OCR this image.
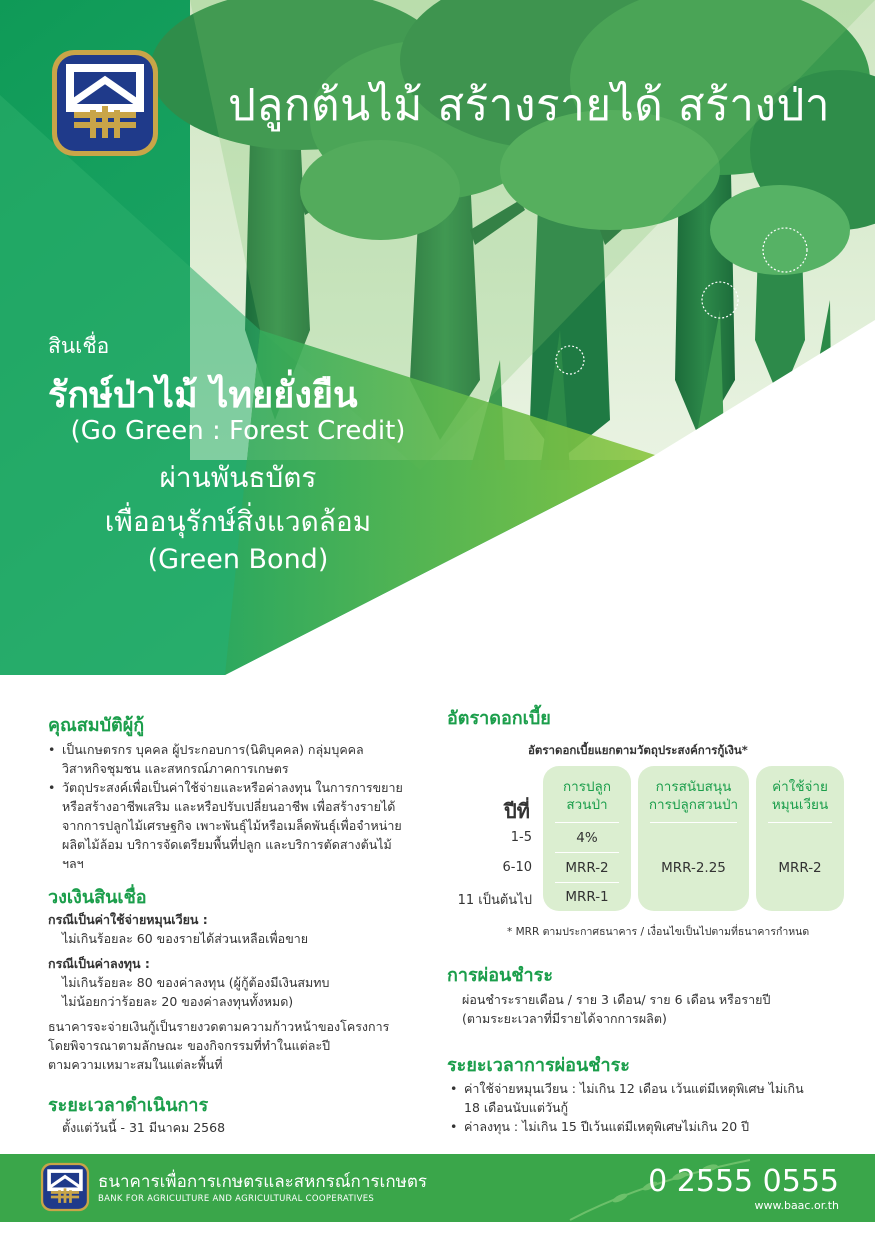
ปลูกต้นไม้ สร้างรายได้ สร้างป่า
สินเชื่อ
รักษ์ป่าไม้ ไทยยั่งยืน
(Go Green : Forest Credit)
ผ่านพันธบัตร
เพื่ออนุรักษ์สิ่งแวดล้อม
(Green Bond)
คุณสมบัติผู้กู้
• เป็นเกษตรกร บุคคล ผู้ประกอบการ(นิติบุคคล) กลุ่มบุคคล
วิสาหกิจชุมชน และสหกรณ์ภาคการเกษตร
• วัตถุประสงค์เพื่อเป็นค่าใช้จ่ายและหรือค่าลงทุน ในการการขยาย
หรือสร้างอาชีพเสริม และหรือปรับเปลี่ยนอาชีพ เพื่อสร้างรายได้
จากการปลูกไม้เศรษฐกิจ เพาะพันธุ์ไม้หรือเมล็ดพันธุ์เพื่อจำหน่าย
ผลิตไม้ล้อม บริการจัดเตรียมพื้นที่ปลูก และบริการตัดสางต้นไม้
ฯลฯ
วงเงินสินเชื่อ
กรณีเป็นค่าใช้จ่ายหมุนเวียน :
ไม่เกินร้อยละ 60 ของรายได้ส่วนเหลือเพื่อขาย
กรณีเป็นค่าลงทุน :
ไม่เกินร้อยละ 80 ของค่าลงทุน (ผู้กู้ต้องมีเงินสมทบ
ไม่น้อยกว่าร้อยละ 20 ของค่าลงทุนทั้งหมด)
ธนาคารจะจ่ายเงินกู้เป็นรายงวดตามความก้าวหน้าของโครงการ
โดยพิจารณาตามลักษณะ ของกิจกรรมที่ทำในแต่ละปี
ตามความเหมาะสมในแต่ละพื้นที่
ระยะเวลาดำเนินการ
ตั้งแต่วันนี้ - 31 มีนาคม 2568
อัตราดอกเบี้ย
อัตราดอกเบี้ยแยกตามวัตถุประสงค์การกู้เงิน*
ปีที่
1-5
6-10
11 เป็นต้นไป
การปลูก
สวนป่า
4%
MRR-2
MRR-1
การสนับสนุน
การปลูกสวนป่า
MRR-2.25
ค่าใช้จ่าย
หมุนเวียน
MRR-2
* MRR ตามประกาศธนาคาร / เงื่อนไขเป็นไปตามที่ธนาคารกำหนด
การผ่อนชำระ
ผ่อนชำระรายเดือน / ราย 3 เดือน/ ราย 6 เดือน หรือรายปี
(ตามระยะเวลาที่มีรายได้จากการผลิต)
ระยะเวลาการผ่อนชำระ
• ค่าใช้จ่ายหมุนเวียน : ไม่เกิน 12 เดือน เว้นแต่มีเหตุพิเศษ ไม่เกิน
18 เดือนนับแต่วันกู้
• ค่าลงทุน : ไม่เกิน 15 ปีเว้นแต่มีเหตุพิเศษไม่เกิน 20 ปี
ธนาคารเพื่อการเกษตรและสหกรณ์การเกษตร
BANK FOR AGRICULTURE AND AGRICULTURAL COOPERATIVES	0 2555 0555
www.baac.or.th
